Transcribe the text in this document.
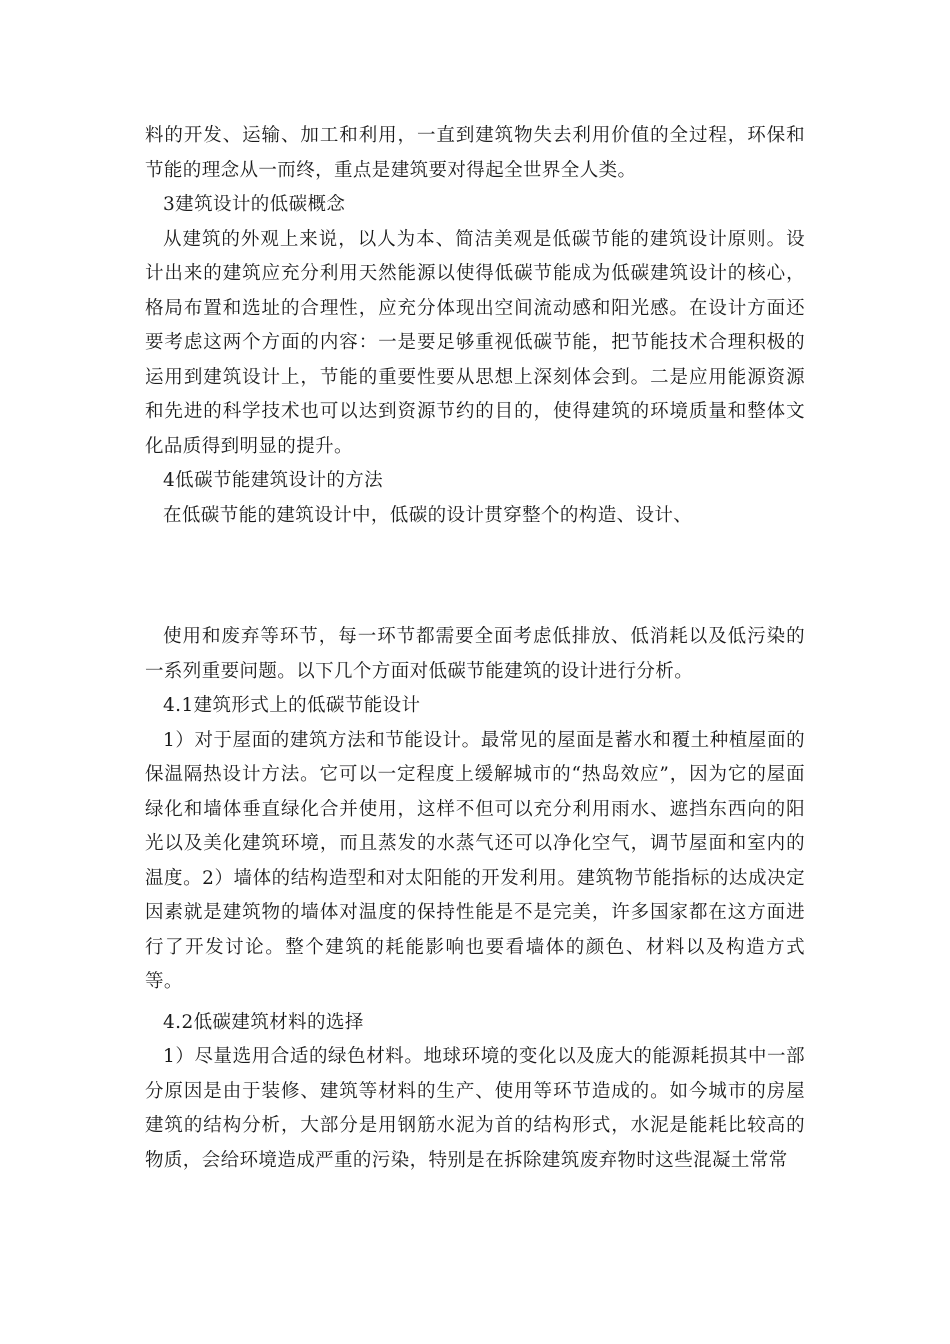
料的开发、运输、加工和利用，一直到建筑物失去利用价值的全过程，环保和节能的理念从一而终，重点是建筑要对得起全世界全人类。

3建筑设计的低碳概念

从建筑的外观上来说，以人为本、简洁美观是低碳节能的建筑设计原则。设计出来的建筑应充分利用天然能源以使得低碳节能成为低碳建筑设计的核心，格局布置和选址的合理性，应充分体现出空间流动感和阳光感。在设计方面还要考虑这两个方面的内容：一是要足够重视低碳节能，把节能技术合理积极的运用到建筑设计上，节能的重要性要从思想上深刻体会到。二是应用能源资源和先进的科学技术也可以达到资源节约的目的，使得建筑的环境质量和整体文化品质得到明显的提升。

4低碳节能建筑设计的方法

在低碳节能的建筑设计中，低碳的设计贯穿整个的构造、设计、

使用和废弃等环节，每一环节都需要全面考虑低排放、低消耗以及低污染的一系列重要问题。以下几个方面对低碳节能建筑的设计进行分析。

4.1建筑形式上的低碳节能设计

1）对于屋面的建筑方法和节能设计。最常见的屋面是蓄水和覆土种植屋面的保温隔热设计方法。它可以一定程度上缓解城市的“热岛效应”，因为它的屋面绿化和墙体垂直绿化合并使用，这样不但可以充分利用雨水、遮挡东西向的阳光以及美化建筑环境，而且蒸发的水蒸气还可以净化空气，调节屋面和室内的温度。2）墙体的结构造型和对太阳能的开发利用。建筑物节能指标的达成决定因素就是建筑物的墙体对温度的保持性能是不是完美，许多国家都在这方面进行了开发讨论。整个建筑的耗能影响也要看墙体的颜色、材料以及构造方式等。

4.2低碳建筑材料的选择

1）尽量选用合适的绿色材料。地球环境的变化以及庞大的能源耗损其中一部分原因是由于装修、建筑等材料的生产、使用等环节造成的。如今城市的房屋建筑的结构分析，大部分是用钢筋水泥为首的结构形式，水泥是能耗比较高的物质，会给环境造成严重的污染，特别是在拆除建筑废弃物时这些混凝土常常
